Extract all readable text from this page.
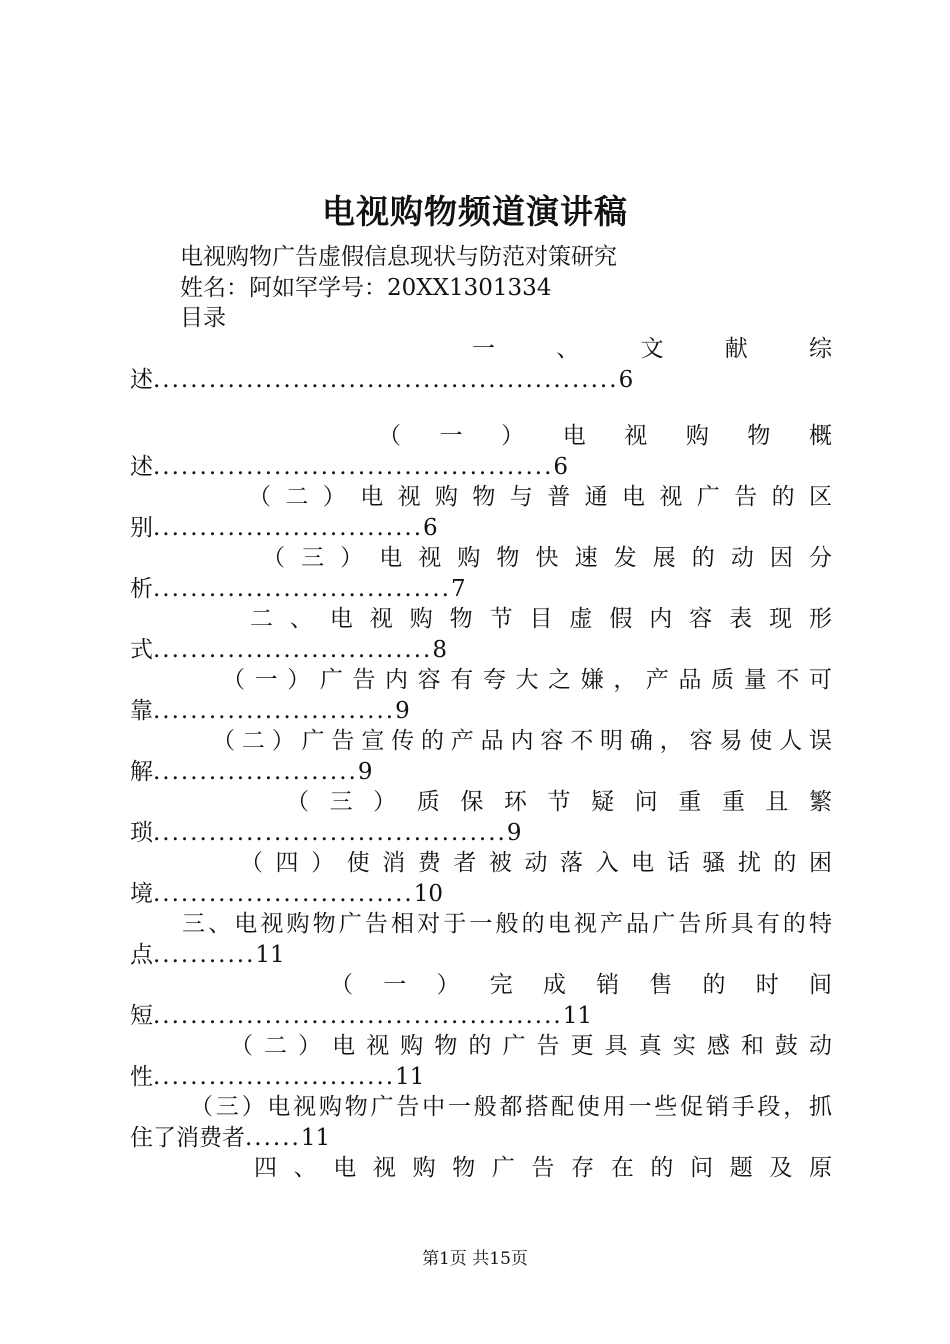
电视购物频道演讲稿
电视购物广告虚假信息现状与防范对策研究
姓名：阿如罕学号：20XX1301334
目录
一 、 文 献 综
述..................................................6
（ 一 ） 电 视 购 物 概
述...........................................6
（ 二 ） 电 视 购 物 与 普 通 电 视 广 告 的 区
别.............................6
（ 三 ） 电 视 购 物 快 速 发 展 的 动 因 分
析................................7
二 、 电 视 购 物 节 目 虚 假 内 容 表 现 形
式..............................8
（ 一 ） 广 告 内 容 有 夸 大 之 嫌 ， 产 品 质 量 不 可
靠..........................9
（二）广告宣传的产品内容不明确，容易使人误
解......................9
（ 三 ） 质 保 环 节 疑 问 重 重 且 繁
琐......................................9
（ 四 ） 使 消 费 者 被 动 落 入 电 话 骚 扰 的 困
境............................10
三、电视购物广告相对于一般的电视产品广告所具有的特
点...........11
（ 一 ） 完 成 销 售 的 时 间
短............................................11
（ 二 ） 电 视 购 物 的 广 告 更 具 真 实 感 和 鼓 动
性..........................11
（三）电视购物广告中一般都搭配使用一些促销手段，抓
住了消费者......11
四 、 电 视 购 物 广 告 存 在 的 问 题 及 原
第1页 共15页
